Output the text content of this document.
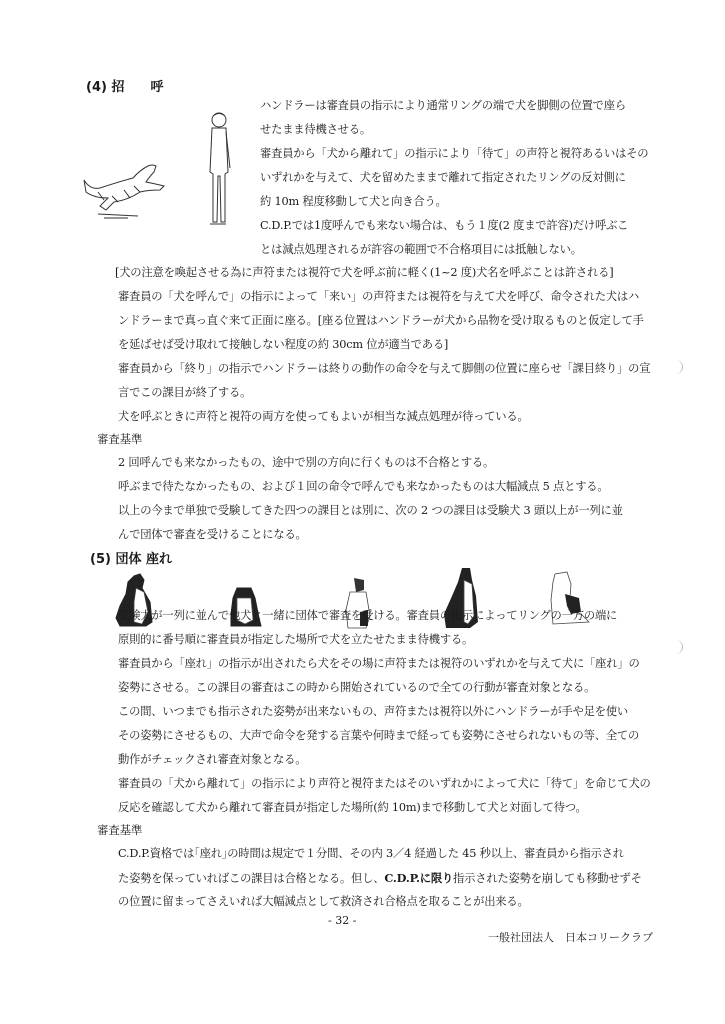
(4) 招　　呼
ハンドラーは審査員の指示により通常リングの端で犬を脚側の位置で座ら
せたまま待機させる。
審査員から「犬から離れて」の指示により「待て」の声符と視符あるいはその
いずれかを与えて、犬を留めたままで離れて指定されたリングの反対側に
約 10m 程度移動して犬と向き合う。
C.D.P.では1度呼んでも来ない場合は、もう１度(2 度まで許容)だけ呼ぶこ
とは減点処理されるが許容の範囲で不合格項目には抵触しない。
[犬の注意を喚起させる為に声符または視符で犬を呼ぶ前に軽く(1~2 度)犬名を呼ぶことは許される]
審査員の「犬を呼んで」の指示によって「来い」の声符または視符を与えて犬を呼び、命令された犬はハ
ンドラーまで真っ直ぐ来て正面に座る。[座る位置はハンドラーが犬から品物を受け取るものと仮定して手
を延ばせば受け取れて接触しない程度の約 30cm 位が適当である]
審査員から「終り」の指示でハンドラーは終りの動作の命令を与えて脚側の位置に座らせ「課目終り」の宣
言でこの課目が終了する。
犬を呼ぶときに声符と視符の両方を使ってもよいが相当な減点処理が待っている。
審査基準
2 回呼んでも来なかったもの、途中で別の方向に行くものは不合格とする。
呼ぶまで待たなかったもの、および１回の命令で呼んでも来なかったものは大幅減点 5 点とする。
以上の今まで単独で受験してきた四つの課目とは別に、次の 2 つの課目は受験犬 3 頭以上が一列に並
んで団体で審査を受けることになる。
(5) 団体 座れ
受験犬が一列に並んで他犬と一緒に団体で審査を受ける。審査員の指示によってリングの一方の端に
原則的に番号順に審査員が指定した場所で犬を立たせたまま待機する。
審査員から「座れ」の指示が出されたら犬をその場に声符または視符のいずれかを与えて犬に「座れ」の
姿勢にさせる。この課目の審査はこの時から開始されているので全ての行動が審査対象となる。
この間、いつまでも指示された姿勢が出来ないもの、声符または視符以外にハンドラーが手や足を使い
その姿勢にさせるもの、大声で命令を発する言葉や何時まで経っても姿勢にさせられないもの等、全ての
動作がチェックされ審査対象となる。
審査員の「犬から離れて」の指示により声符と視符またはそのいずれかによって犬に「待て」を命じて犬の
反応を確認して犬から離れて審査員が指定した場所(約 10m)まで移動して犬と対面して待つ。
審査基準
C.D.P.資格では｢座れ｣の時間は規定で１分間、その内 3／4 経過した 45 秒以上、審査員から指示され
た姿勢を保っていればこの課目は合格となる。但し、C.D.P.に限り指示された姿勢を崩しても移動せずそ
の位置に留まってさえいれば大幅減点として救済され合格点を取ることが出来る。
- 32 -
一般社団法人　日本コリークラブ
